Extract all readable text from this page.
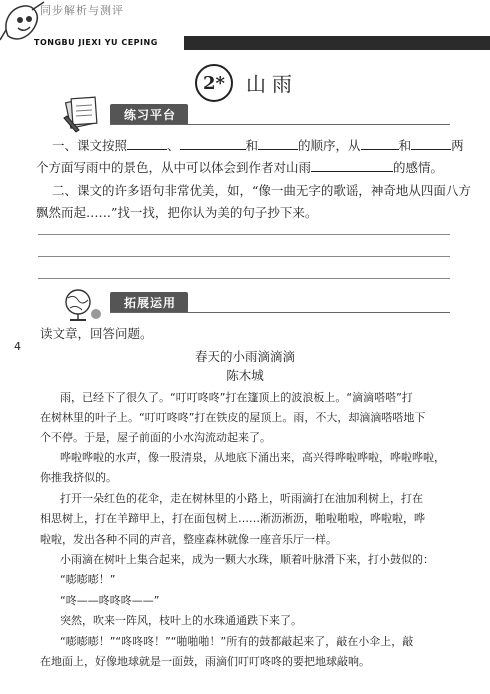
同步解析与测评
TONGBU JIEXI YU CEPING
2* 山雨
练习平台
一、课文按照	、	和	的顺序，从	和	两
个方面写雨中的景色，从中可以体会到作者对山雨	的感情。
二、课文的许多语句非常优美，如，“像一曲无字的歌谣，神奇地从四面八方
飘然而起……”找一找，把你认为美的句子抄下来。
拓展运用
4
读文章，回答问题。
春天的小雨滴滴滴
陈木城
雨，已经下了很久了。“叮叮咚咚”打在篷顶上的波浪板上。“滴滴嗒嗒”打
在树林里的叶子上。“叮叮咚咚”打在铁皮的屋顶上。雨，不大，却滴滴嗒嗒地下
个不停。于是，屋子前面的小水沟流动起来了。
哗啦哗啦的水声，像一股清泉，从地底下涌出来，高兴得哗啦哗啦，哗啦哗啦，
你推我挤似的。
打开一朵红色的花伞，走在树林里的小路上，听雨滴打在油加利树上，打在
相思树上，打在羊蹄甲上，打在面包树上……淅沥淅沥，啪啦啪啦，哗啦啦，哗
啦啦，发出各种不同的声音，整座森林就像一座音乐厅一样。
小雨滴在树叶上集合起来，成为一颗大水珠，顺着叶脉滑下来，打小鼓似的：
“嘭嘭嘭！”
“咚——咚咚咚——”
突然，吹来一阵风，枝叶上的水珠通通跌下来了。
“嘭嘭嘭！”“咚咚咚！”“啪啪啪！”所有的鼓都敲起来了，敲在小伞上，敲
在地面上，好像地球就是一面鼓，雨滴们叮叮咚咚的要把地球敲响。
